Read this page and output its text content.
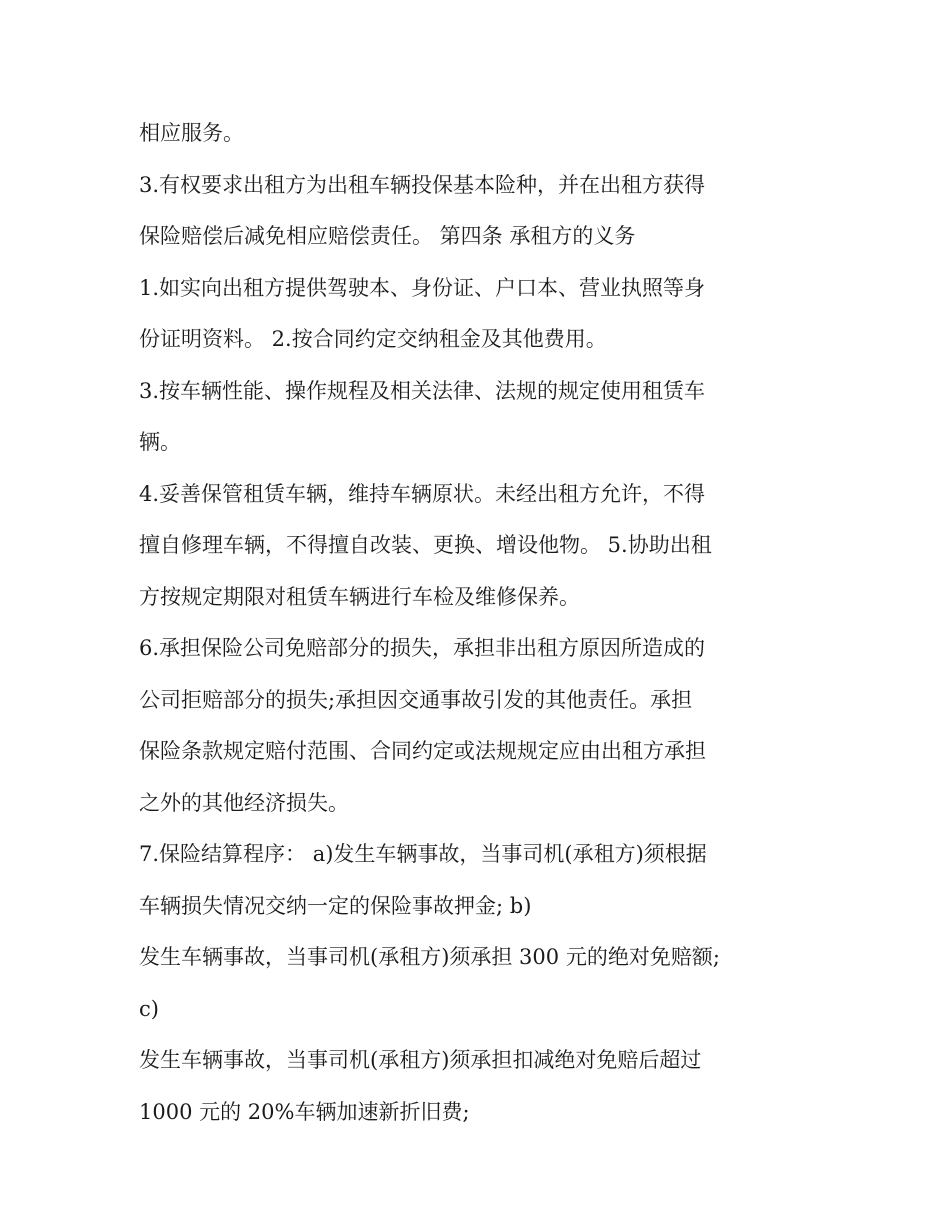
相应服务。
3.有权要求出租方为出租车辆投保基本险种，并在出租方获得
保险赔偿后减免相应赔偿责任。 第四条 承租方的义务
1.如实向出租方提供驾驶本、身份证、户口本、营业执照等身
份证明资料。 2.按合同约定交纳租金及其他费用。
3.按车辆性能、操作规程及相关法律、法规的规定使用租赁车
辆。
4.妥善保管租赁车辆，维持车辆原状。未经出租方允许，不得
擅自修理车辆，不得擅自改装、更换、增设他物。 5.协助出租
方按规定期限对租赁车辆进行车检及维修保养。
6.承担保险公司免赔部分的损失，承担非出租方原因所造成的
公司拒赔部分的损失;承担因交通事故引发的其他责任。承担
保险条款规定赔付范围、合同约定或法规规定应由出租方承担
之外的其他经济损失。
7.保险结算程序： a)发生车辆事故，当事司机(承租方)须根据
车辆损失情况交纳一定的保险事故押金; b)
发生车辆事故，当事司机(承租方)须承担 300 元的绝对免赔额;
c)
发生车辆事故，当事司机(承租方)须承担扣减绝对免赔后超过
1000 元的 20%车辆加速新折旧费;
